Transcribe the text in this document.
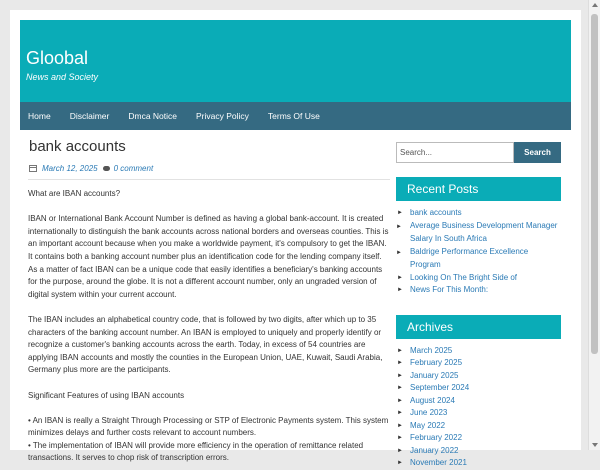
Gloobal
News and Society
Home Disclaimer Dmca Notice Privacy Policy Terms Of Use
bank accounts
March 12, 2025 0 comment

What are IBAN accounts?

IBAN or International Bank Account Number is defined as having a global bank-account. It is created internationally to distinguish the bank accounts across national borders and overseas counties. This is an important account because when you make a worldwide payment, it's compulsory to get the IBAN. It contains both a banking account number plus an identification code for the lending company itself. As a matter of fact IBAN can be a unique code that easily identifies a beneficiary's banking accounts for the purpose, around the globe. It is not a different account number, only an ungraded version of digital system within your current account.

The IBAN includes an alphabetical country code, that is followed by two digits, after which up to 35 characters of the banking account number. An IBAN is employed to uniquely and properly identify or recognize a customer's banking accounts across the earth. Today, in excess of 54 countries are applying IBAN accounts and mostly the counties in the European Union, UAE, Kuwait, Saudi Arabia, Germany plus more are the participants.

Significant Features of using IBAN accounts

• An IBAN is really a Straight Through Processing or STP of Electronic Payments system. This system minimizes delays and further costs relevant to account numbers.

• The implementation of IBAN will provide more efficiency in the operation of remittance related transactions. It serves to chop risk of transcription errors.

Search...
Search
Recent Posts
► bank accounts
► Average Business Development Manager Salary In South Africa
► Baldrige Performance Excellence Program
► Looking On The Bright Side of
► News For This Month:
Archives
► March 2025
► February 2025
► January 2025
► September 2024
► August 2024
► June 2023
► May 2022
► February 2022
► January 2022
► November 2021
